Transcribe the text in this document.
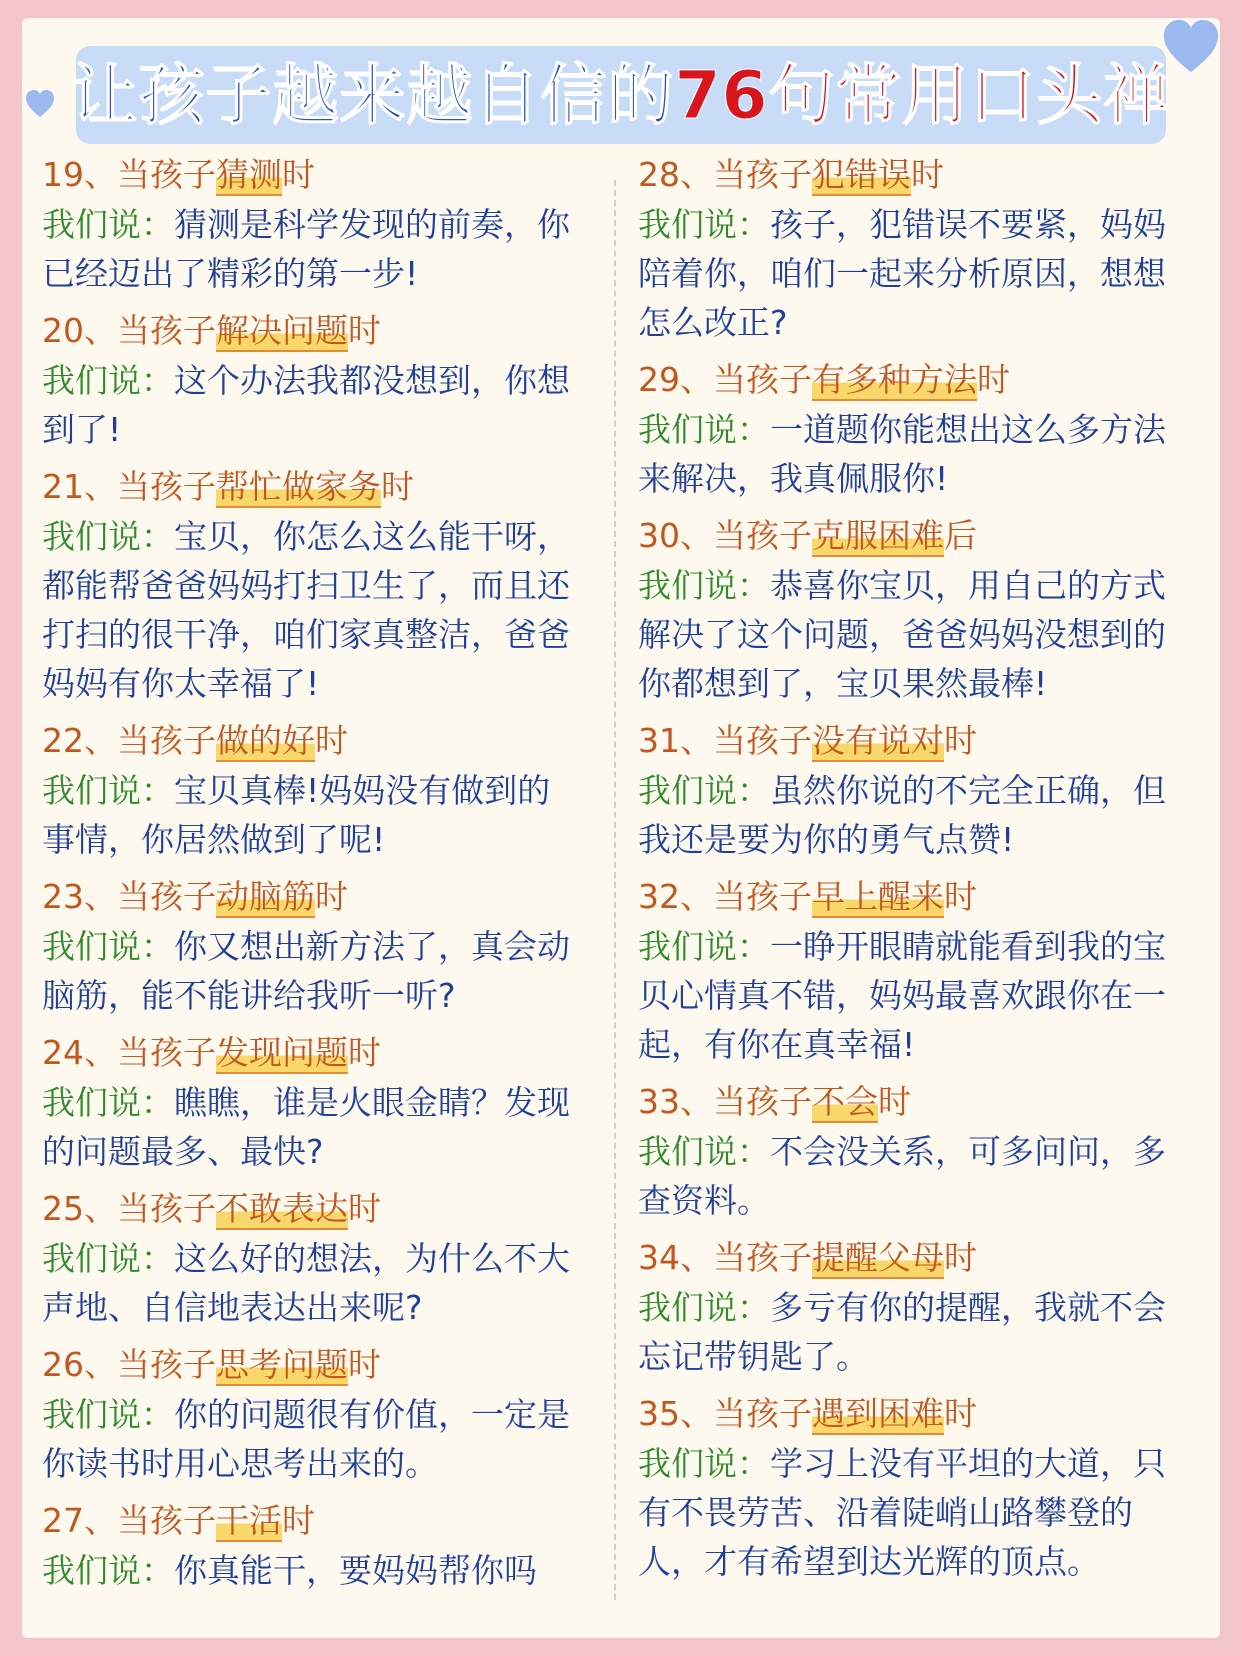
让孩子越来越自信的76句常用口头禅
19、当孩子猜测时
我们说：猜测是科学发现的前奏，你已经迈出了精彩的第一步!
20、当孩子解决问题时
我们说：这个办法我都没想到，你想到了!
21、当孩子帮忙做家务时
我们说：宝贝，你怎么这么能干呀，都能帮爸爸妈妈打扫卫生了，而且还打扫的很干净，咱们家真整洁，爸爸妈妈有你太幸福了!
22、当孩子做的好时
我们说：宝贝真棒!妈妈没有做到的事情，你居然做到了呢!
23、当孩子动脑筋时
我们说：你又想出新方法了，真会动脑筋，能不能讲给我听一听?
24、当孩子发现问题时
我们说：瞧瞧，谁是火眼金睛？发现的问题最多、最快?
25、当孩子不敢表达时
我们说：这么好的想法，为什么不大声地、自信地表达出来呢?
26、当孩子思考问题时
我们说：你的问题很有价值，一定是你读书时用心思考出来的。
27、当孩子干活时
我们说：你真能干，要妈妈帮你吗
28、当孩子犯错误时
我们说：孩子，犯错误不要紧，妈妈陪着你，咱们一起来分析原因，想想怎么改正?
29、当孩子有多种方法时
我们说：一道题你能想出这么多方法来解决，我真佩服你!
30、当孩子克服困难后
我们说：恭喜你宝贝，用自己的方式解决了这个问题，爸爸妈妈没想到的你都想到了，宝贝果然最棒!
31、当孩子没有说对时
我们说：虽然你说的不完全正确，但我还是要为你的勇气点赞!
32、当孩子早上醒来时
我们说：一睁开眼睛就能看到我的宝贝心情真不错，妈妈最喜欢跟你在一起，有你在真幸福!
33、当孩子不会时
我们说：不会没关系，可多问问，多查资料。
34、当孩子提醒父母时
我们说：多亏有你的提醒，我就不会忘记带钥匙了。
35、当孩子遇到困难时
我们说：学习上没有平坦的大道，只有不畏劳苦、沿着陡峭山路攀登的人，才有希望到达光辉的顶点。
